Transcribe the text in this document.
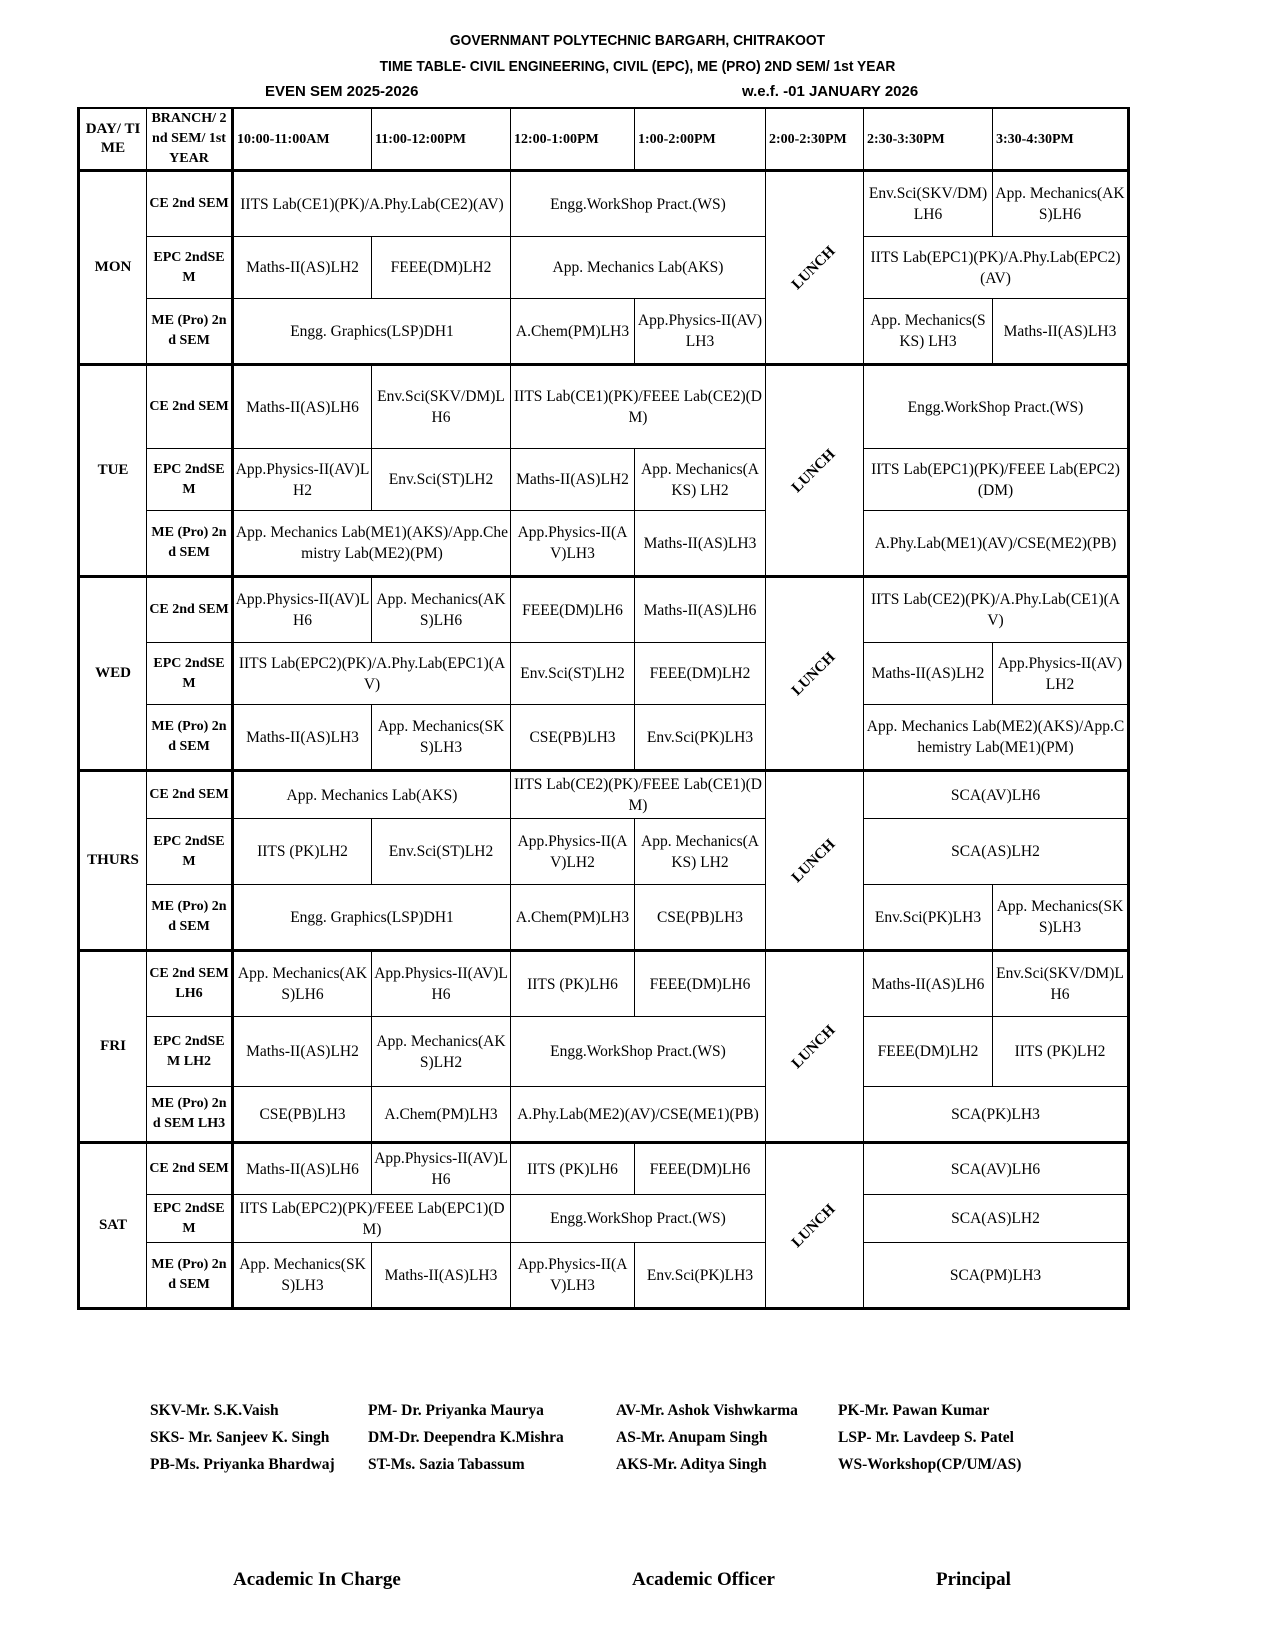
GOVERNMANT POLYTECHNIC BARGARH, CHITRAKOOT
TIME TABLE- CIVIL ENGINEERING, CIVIL (EPC), ME (PRO) 2ND SEM/ 1st YEAR
EVEN SEM 2025-2026	w.e.f. -01 JANUARY 2026
DAY/ TIME	BRANCH/ 2nd SEM/ 1st YEAR	10:00-11:00AM	11:00-12:00PM	12:00-1:00PM	1:00-2:00PM	2:00-2:30PM	2:30-3:30PM	3:30-4:30PM
MON	CE 2nd SEM	IITS Lab(CE1)(PK)/A.Phy.Lab(CE2)(AV)		Engg.WorkShop Pract.(WS)		LUNCH	Env.Sci(SKV/DM)LH6	App. Mechanics(AKS)LH6
	EPC 2ndSEM	Maths-II(AS)LH2	FEEE(DM)LH2	App. Mechanics Lab(AKS)			IITS Lab(EPC1)(PK)/A.Phy.Lab(EPC2)(AV)	
	ME (Pro) 2nd SEM	Engg. Graphics(LSP)DH1		A.Chem(PM)LH3	App.Physics-II(AV)LH3		App. Mechanics(SKS) LH3	Maths-II(AS)LH3
TUE	CE 2nd SEM	Maths-II(AS)LH6	Env.Sci(SKV/DM)LH6	IITS Lab(CE1)(PK)/FEEE Lab(CE2)(DM)		LUNCH	Engg.WorkShop Pract.(WS)	
	EPC 2ndSEM	App.Physics-II(AV)LH2	Env.Sci(ST)LH2	Maths-II(AS)LH2	App. Mechanics(AKS) LH2		IITS Lab(EPC1)(PK)/FEEE Lab(EPC2)(DM)	
	ME (Pro) 2nd SEM	App. Mechanics Lab(ME1)(AKS)/App.Chemistry Lab(ME2)(PM)		App.Physics-II(AV)LH3	Maths-II(AS)LH3		A.Phy.Lab(ME1)(AV)/CSE(ME2)(PB)	
WED	CE 2nd SEM	App.Physics-II(AV)LH6	App. Mechanics(AKS)LH6	FEEE(DM)LH6	Maths-II(AS)LH6	LUNCH	IITS Lab(CE2)(PK)/A.Phy.Lab(CE1)(AV)	
	EPC 2ndSEM	IITS Lab(EPC2)(PK)/A.Phy.Lab(EPC1)(AV)		Env.Sci(ST)LH2	FEEE(DM)LH2		Maths-II(AS)LH2	App.Physics-II(AV)LH2
	ME (Pro) 2nd SEM	Maths-II(AS)LH3	App. Mechanics(SKS)LH3	CSE(PB)LH3	Env.Sci(PK)LH3		App. Mechanics Lab(ME2)(AKS)/App.Chemistry Lab(ME1)(PM)	
THURS	CE 2nd SEM	App. Mechanics Lab(AKS)		IITS Lab(CE2)(PK)/FEEE Lab(CE1)(DM)		LUNCH	SCA(AV)LH6	
	EPC 2ndSEM	IITS (PK)LH2	Env.Sci(ST)LH2	App.Physics-II(AV)LH2	App. Mechanics(AKS) LH2		SCA(AS)LH2	
	ME (Pro) 2nd SEM	Engg. Graphics(LSP)DH1		A.Chem(PM)LH3	CSE(PB)LH3		Env.Sci(PK)LH3	App. Mechanics(SKS)LH3
FRI	CE 2nd SEM LH6	App. Mechanics(AKS)LH6	App.Physics-II(AV)LH6	IITS (PK)LH6	FEEE(DM)LH6	LUNCH	Maths-II(AS)LH6	Env.Sci(SKV/DM)LH6
	EPC 2ndSEM LH2	Maths-II(AS)LH2	App. Mechanics(AKS)LH2	Engg.WorkShop Pract.(WS)			FEEE(DM)LH2	IITS (PK)LH2
	ME (Pro) 2nd SEM LH3	CSE(PB)LH3	A.Chem(PM)LH3	A.Phy.Lab(ME2)(AV)/CSE(ME1)(PB)			SCA(PK)LH3	
SAT	CE 2nd SEM	Maths-II(AS)LH6	App.Physics-II(AV)LH6	IITS (PK)LH6	FEEE(DM)LH6	LUNCH	SCA(AV)LH6	
	EPC 2ndSEM	IITS Lab(EPC2)(PK)/FEEE Lab(EPC1)(DM)		Engg.WorkShop Pract.(WS)			SCA(AS)LH2	
	ME (Pro) 2nd SEM	App. Mechanics(SKS)LH3	Maths-II(AS)LH3	App.Physics-II(AV)LH3	Env.Sci(PK)LH3		SCA(PM)LH3	
SKV-Mr. S.K.Vaish	PM- Dr. Priyanka Maurya	AV-Mr. Ashok Vishwkarma	PK-Mr. Pawan Kumar
SKS- Mr. Sanjeev K. Singh DM-Dr. Deependra K.Mishra	AS-Mr. Anupam Singh	LSP- Mr. Lavdeep S. Patel
PB-Ms. Priyanka Bhardwaj ST-Ms. Sazia Tabassum	AKS-Mr. Aditya Singh	WS-Workshop(CP/UM/AS)
Academic In Charge	Academic Officer	Principal
